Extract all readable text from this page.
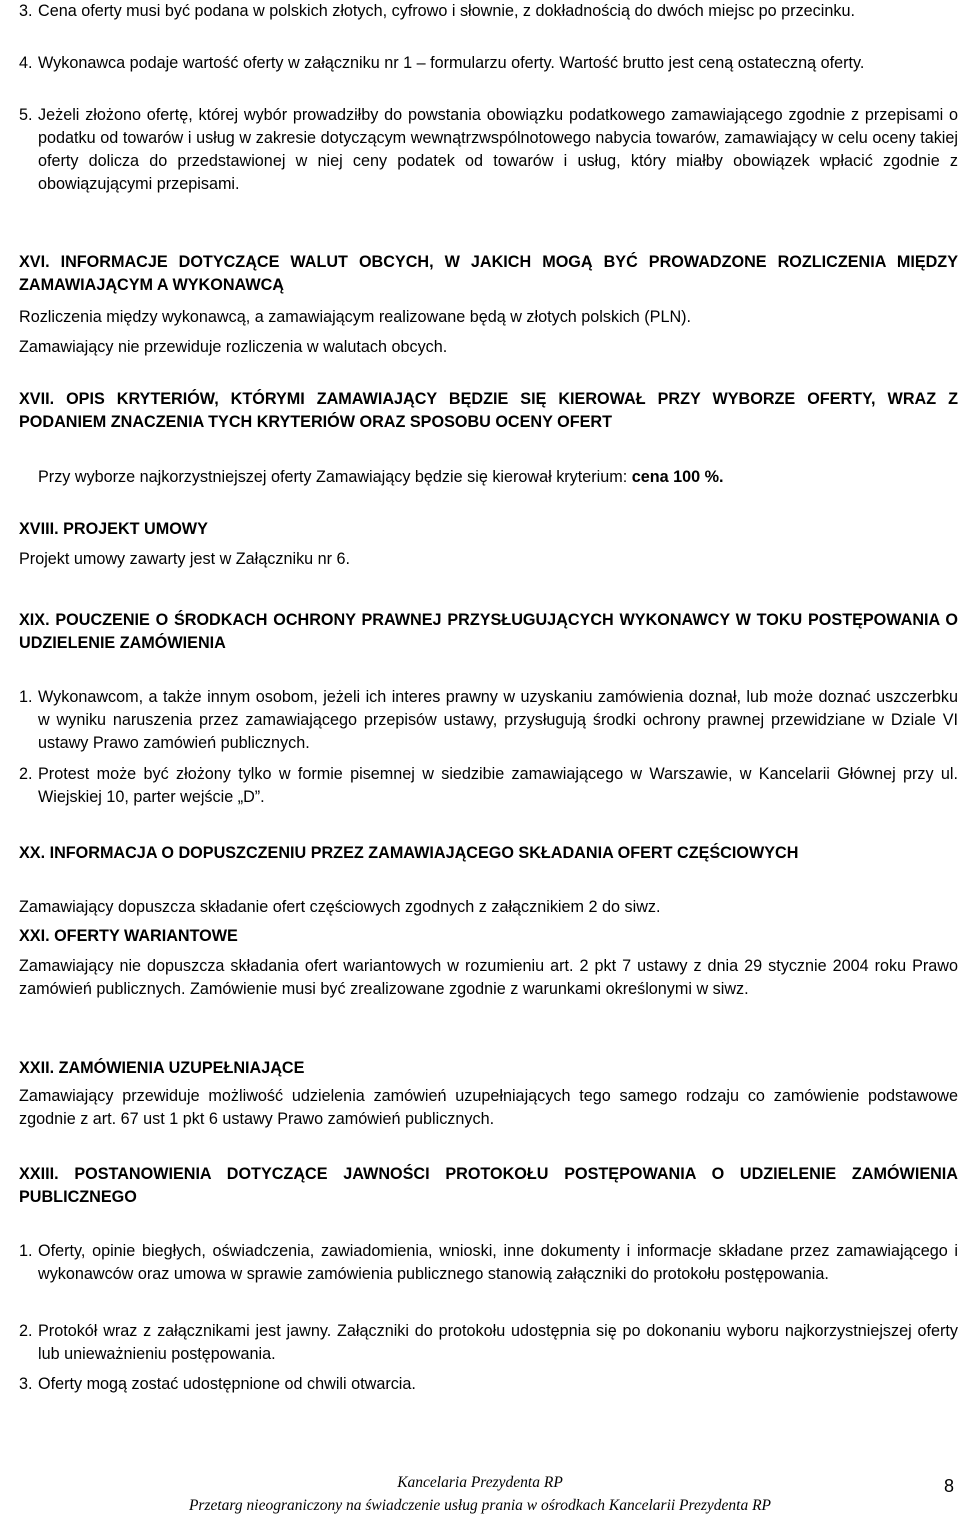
3. Cena oferty musi być podana w polskich złotych, cyfrowo i słownie, z dokładnością do dwóch miejsc po przecinku.
4. Wykonawca podaje wartość oferty w załączniku nr 1 – formularzu oferty. Wartość brutto jest ceną ostateczną oferty.
5. Jeżeli złożono ofertę, której wybór prowadziłby do powstania obowiązku podatkowego zamawiającego zgodnie z przepisami o podatku od towarów i usług w zakresie dotyczącym wewnątrzwspólnotowego nabycia towarów, zamawiający w celu oceny takiej oferty dolicza do przedstawionej w niej ceny podatek od towarów i usług, który miałby obowiązek wpłacić zgodnie z obowiązującymi przepisami.
XVI. INFORMACJE DOTYCZĄCE WALUT OBCYCH, W JAKICH MOGĄ BYĆ PROWADZONE ROZLICZENIA MIĘDZY ZAMAWIAJĄCYM A WYKONAWCĄ
Rozliczenia między wykonawcą, a zamawiającym realizowane będą w złotych polskich (PLN).
Zamawiający nie przewiduje rozliczenia w walutach obcych.
XVII. OPIS KRYTERIÓW, KTÓRYMI ZAMAWIAJĄCY BĘDZIE SIĘ KIEROWAŁ PRZY WYBORZE OFERTY, WRAZ Z PODANIEM ZNACZENIA TYCH KRYTERIÓW ORAZ SPOSOBU OCENY OFERT
Przy wyborze najkorzystniejszej oferty Zamawiający będzie się kierował kryterium: cena 100 %.
XVIII. PROJEKT UMOWY
Projekt umowy zawarty jest w Załączniku nr 6.
XIX. POUCZENIE O ŚRODKACH OCHRONY PRAWNEJ PRZYSŁUGUJĄCYCH WYKONAWCY W TOKU POSTĘPOWANIA O UDZIELENIE ZAMÓWIENIA
1. Wykonawcom, a także innym osobom, jeżeli ich interes prawny w uzyskaniu zamówienia doznał, lub może doznać uszczerbku w wyniku naruszenia przez zamawiającego przepisów ustawy, przysługują środki ochrony prawnej przewidziane w Dziale VI ustawy Prawo zamówień publicznych.
2. Protest może być złożony tylko w formie pisemnej w siedzibie zamawiającego w Warszawie, w Kancelarii Głównej przy ul. Wiejskiej 10, parter wejście „D”.
XX. INFORMACJA O DOPUSZCZENIU PRZEZ ZAMAWIAJĄCEGO SKŁADANIA OFERT CZĘŚCIOWYCH
Zamawiający dopuszcza składanie ofert częściowych zgodnych z załącznikiem 2 do siwz.
XXI. OFERTY WARIANTOWE
Zamawiający nie dopuszcza składania ofert wariantowych w rozumieniu art. 2 pkt 7 ustawy z dnia 29 stycznie 2004 roku Prawo zamówień publicznych. Zamówienie musi być zrealizowane zgodnie z warunkami określonymi w siwz.
XXII. ZAMÓWIENIA UZUPEŁNIAJĄCE
Zamawiający przewiduje możliwość udzielenia zamówień uzupełniających tego samego rodzaju co zamówienie podstawowe zgodnie z art. 67 ust 1 pkt 6 ustawy Prawo zamówień publicznych.
XXIII. POSTANOWIENIA DOTYCZĄCE JAWNOŚCI PROTOKOŁU POSTĘPOWANIA O UDZIELENIE ZAMÓWIENIA PUBLICZNEGO
1. Oferty, opinie biegłych, oświadczenia, zawiadomienia, wnioski, inne dokumenty i informacje składane przez zamawiającego i wykonawców oraz umowa w sprawie zamówienia publicznego stanowią załączniki do protokołu postępowania.
2. Protokół wraz z załącznikami jest jawny. Załączniki do protokołu udostępnia się po dokonaniu wyboru najkorzystniejszej oferty lub unieważnieniu postępowania.
3. Oferty mogą zostać udostępnione od chwili otwarcia.
Kancelaria Prezydenta RP
Przetarg nieograniczony na świadczenie usług prania w ośrodkach Kancelarii Prezydenta RP
8
